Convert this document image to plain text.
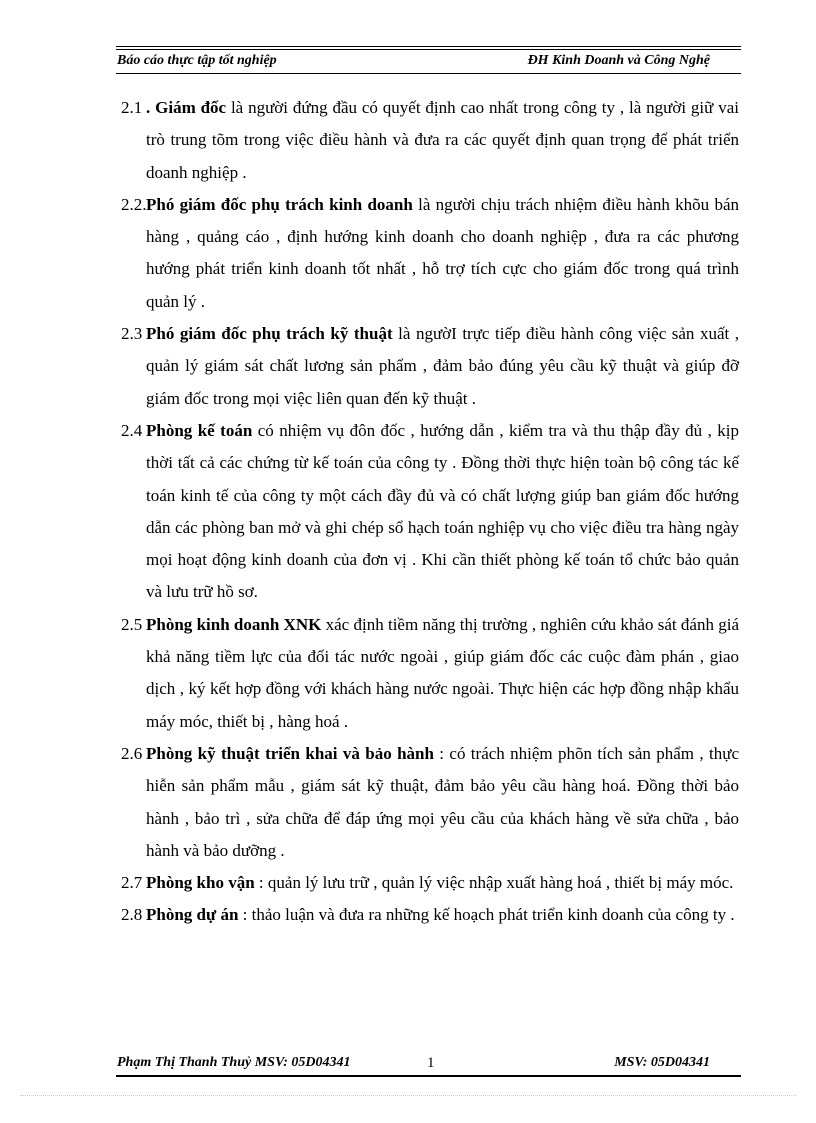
Báo cáo thực tập tốt nghiệp	ĐH Kinh Doanh và Công Nghệ

2.1 . Giám đốc là người đứng đầu có quyết định cao nhất trong công ty , là người giữ vai trò trung tõm trong việc điều hành và đưa ra các quyết định quan trọng để phát triển doanh nghiệp .

2.2. Phó giám đốc phụ trách kinh doanh là người chịu trách nhiệm điều hành khõu bán hàng , quảng cáo , định hướng kinh doanh cho doanh nghiệp , đưa ra các phương hướng phát triển kinh doanh tốt nhất , hỗ trợ tích cực cho giám đốc trong quá trình quản lý .

2.3 Phó giám đốc phụ trách kỹ thuật là ngườI trực tiếp điều hành công việc sản xuất , quản lý giám sát chất lương sản phẩm , đảm bảo đúng yêu cầu kỹ thuật và giúp đỡ giám đốc trong mọi việc liên quan đến kỹ thuật .

2.4 Phòng kế toán có nhiệm vụ đôn đốc , hướng dẫn , kiểm tra và thu thập đầy đủ , kịp thời tất cả các chứng từ kế toán của công ty . Đồng thời thực hiện toàn bộ công tác kế toán kinh tế của công ty một cách đầy đủ và có chất lượng giúp ban giám đốc hướng dẫn các phòng ban mở và ghi chép sổ hạch toán nghiệp vụ cho việc điều tra hàng ngày mọi hoạt động kinh doanh của đơn vị . Khi cần thiết phòng kế toán tổ chức bảo quản và lưu trữ hồ sơ.

2.5 Phòng kinh doanh XNK xác định tiềm năng thị trường , nghiên cứu khảo sát đánh giá khả năng tiềm lực của đối tác nước ngoài , giúp giám đốc các cuộc đàm phán , giao dịch , ký kết hợp đồng với khách hàng nước ngoài. Thực hiện các hợp đồng nhập khẩu máy móc, thiết bị , hàng hoá .

2.6 Phòng kỹ thuật triển khai và bảo hành : có trách nhiệm phõn tích sản phẩm , thực hiễn sản phẩm mẫu , giám sát kỹ thuật, đảm bảo yêu cầu hàng hoá. Đồng thời bảo hành , bảo trì , sửa chữa để đáp ứng mọi yêu cầu của khách hàng về sửa chữa , bảo hành và bảo dưỡng .

2.7 Phòng kho vận : quản lý lưu trữ , quản lý việc nhập xuất hàng hoá , thiết bị máy móc.

2.8 Phòng dự án : thảo luận và đưa ra những kế hoạch phát triển kinh doanh của công ty .

Phạm Thị Thanh Thuỷ MSV: 05D04341	1	MSV: 05D04341
